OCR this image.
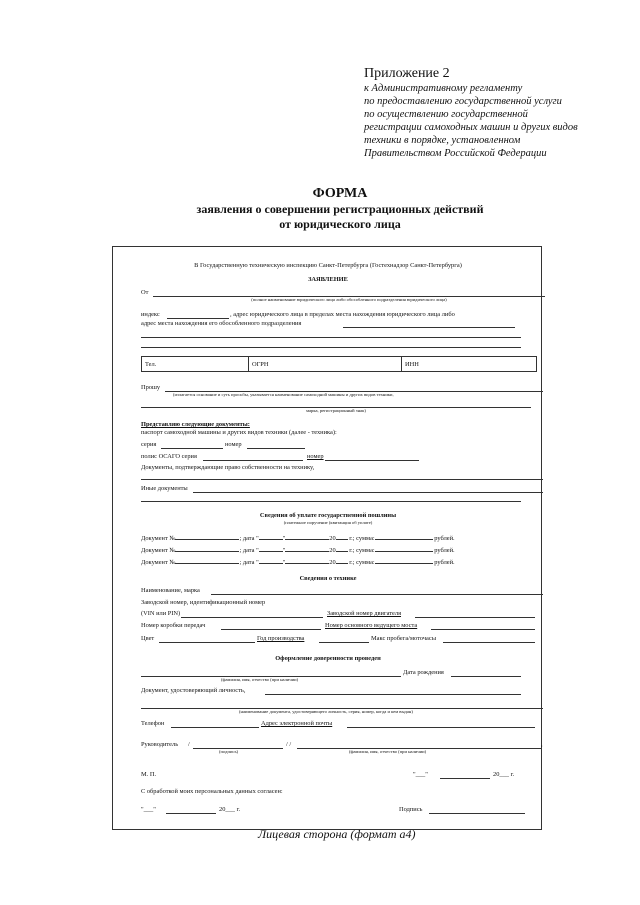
Приложение 2
к Административному регламенту
по предоставлению государственной услуги
по осуществлению государственной
регистрации самоходных машин и других видов
техники в порядке, установленном
Правительством Российской Федерации
ФОРМА
заявления о совершении регистрационных действий
от юридического лица
В Государственную техническую инспекцию Санкт-Петербурга (Гостехнадзор Санкт-Петербурга)
ЗАЯВЛЕНИЕ
От
(полное наименование юридического лица либо обособленного подразделения юридического лица)
индекс	, адрес юридического лица в пределах места нахождения юридического лица либо
адрес места нахождения его обособленного подразделения
Тел.	ОГРН	ИНН
Прошу
(излагается основание и суть просьбы, указывается наименование самоходной машины и других видов техники,
марка, регистрационный знак)
Представляю следующие документы:
паспорт самоходной машины и других видов техники (далее - техника):
серия	номер
полис ОСАГО серия	номер
Документы, подтверждающие право собственности на технику,
Иные документы
Сведения об уплате государственной пошлины
(платежное поручение (квитанция об уплате)
Документ №	; дата "	"	20 г.; сумма:	рублей.
Документ №	; дата "	"	20 г.; сумма:	рублей.
Документ №	; дата "	"	20 г.; сумма:	рублей.
Сведения о технике
Наименование, марка
Заводской номер, идентификационный номер
(VIN или PIN)	Заводской номер двигателя
Номер коробки передач	Номер основного ведущего моста
Цвет	Год производства	Макс пробега/моточасы
Оформление доверенности проведен
Дата рождения
(фамилия, имя, отчество (при наличии)
Документ, удостоверяющий личность,
(наименование документа, удостоверяющего личность, серия, номер, когда и кем выдан)
Телефон	Адрес электронной почты
Руководитель /	/ /	,
(подпись)	(фамилия, имя, отчество (при наличии)
М. П.	"___"	20___ г.
С обработкой моих персональных данных согласен:
"___"	20___ г.	Подпись
Лицевая сторона (формат а4)
